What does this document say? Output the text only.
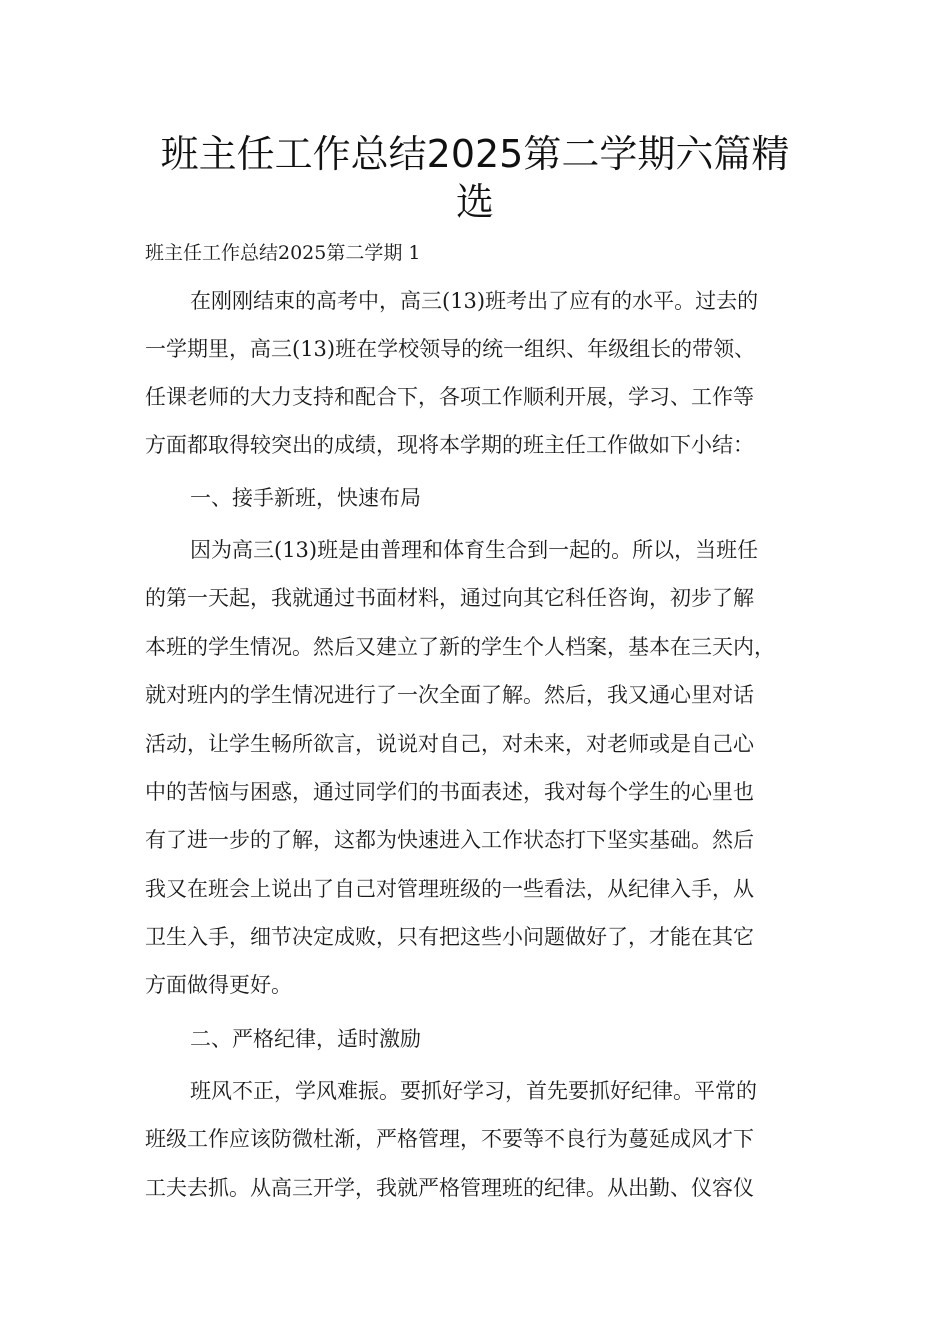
班主任工作总结2025第二学期六篇精
选
班主任工作总结2025第二学期 1
在刚刚结束的高考中，高三(13)班考出了应有的水平。过去的
一学期里，高三(13)班在学校领导的统一组织、年级组长的带领、
任课老师的大力支持和配合下，各项工作顺利开展，学习、工作等
方面都取得较突出的成绩，现将本学期的班主任工作做如下小结：
一、接手新班，快速布局
因为高三(13)班是由普理和体育生合到一起的。所以，当班任
的第一天起，我就通过书面材料，通过向其它科任咨询，初步了解
本班的学生情况。然后又建立了新的学生个人档案，基本在三天内，
就对班内的学生情况进行了一次全面了解。然后，我又通心里对话
活动，让学生畅所欲言，说说对自己，对未来，对老师或是自己心
中的苦恼与困惑，通过同学们的书面表述，我对每个学生的心里也
有了进一步的了解，这都为快速进入工作状态打下坚实基础。然后
我又在班会上说出了自己对管理班级的一些看法，从纪律入手，从
卫生入手，细节决定成败，只有把这些小问题做好了，才能在其它
方面做得更好。
二、严格纪律，适时激励
班风不正，学风难振。要抓好学习，首先要抓好纪律。平常的
班级工作应该防微杜渐，严格管理，不要等不良行为蔓延成风才下
工夫去抓。从高三开学，我就严格管理班的纪律。从出勤、仪容仪
